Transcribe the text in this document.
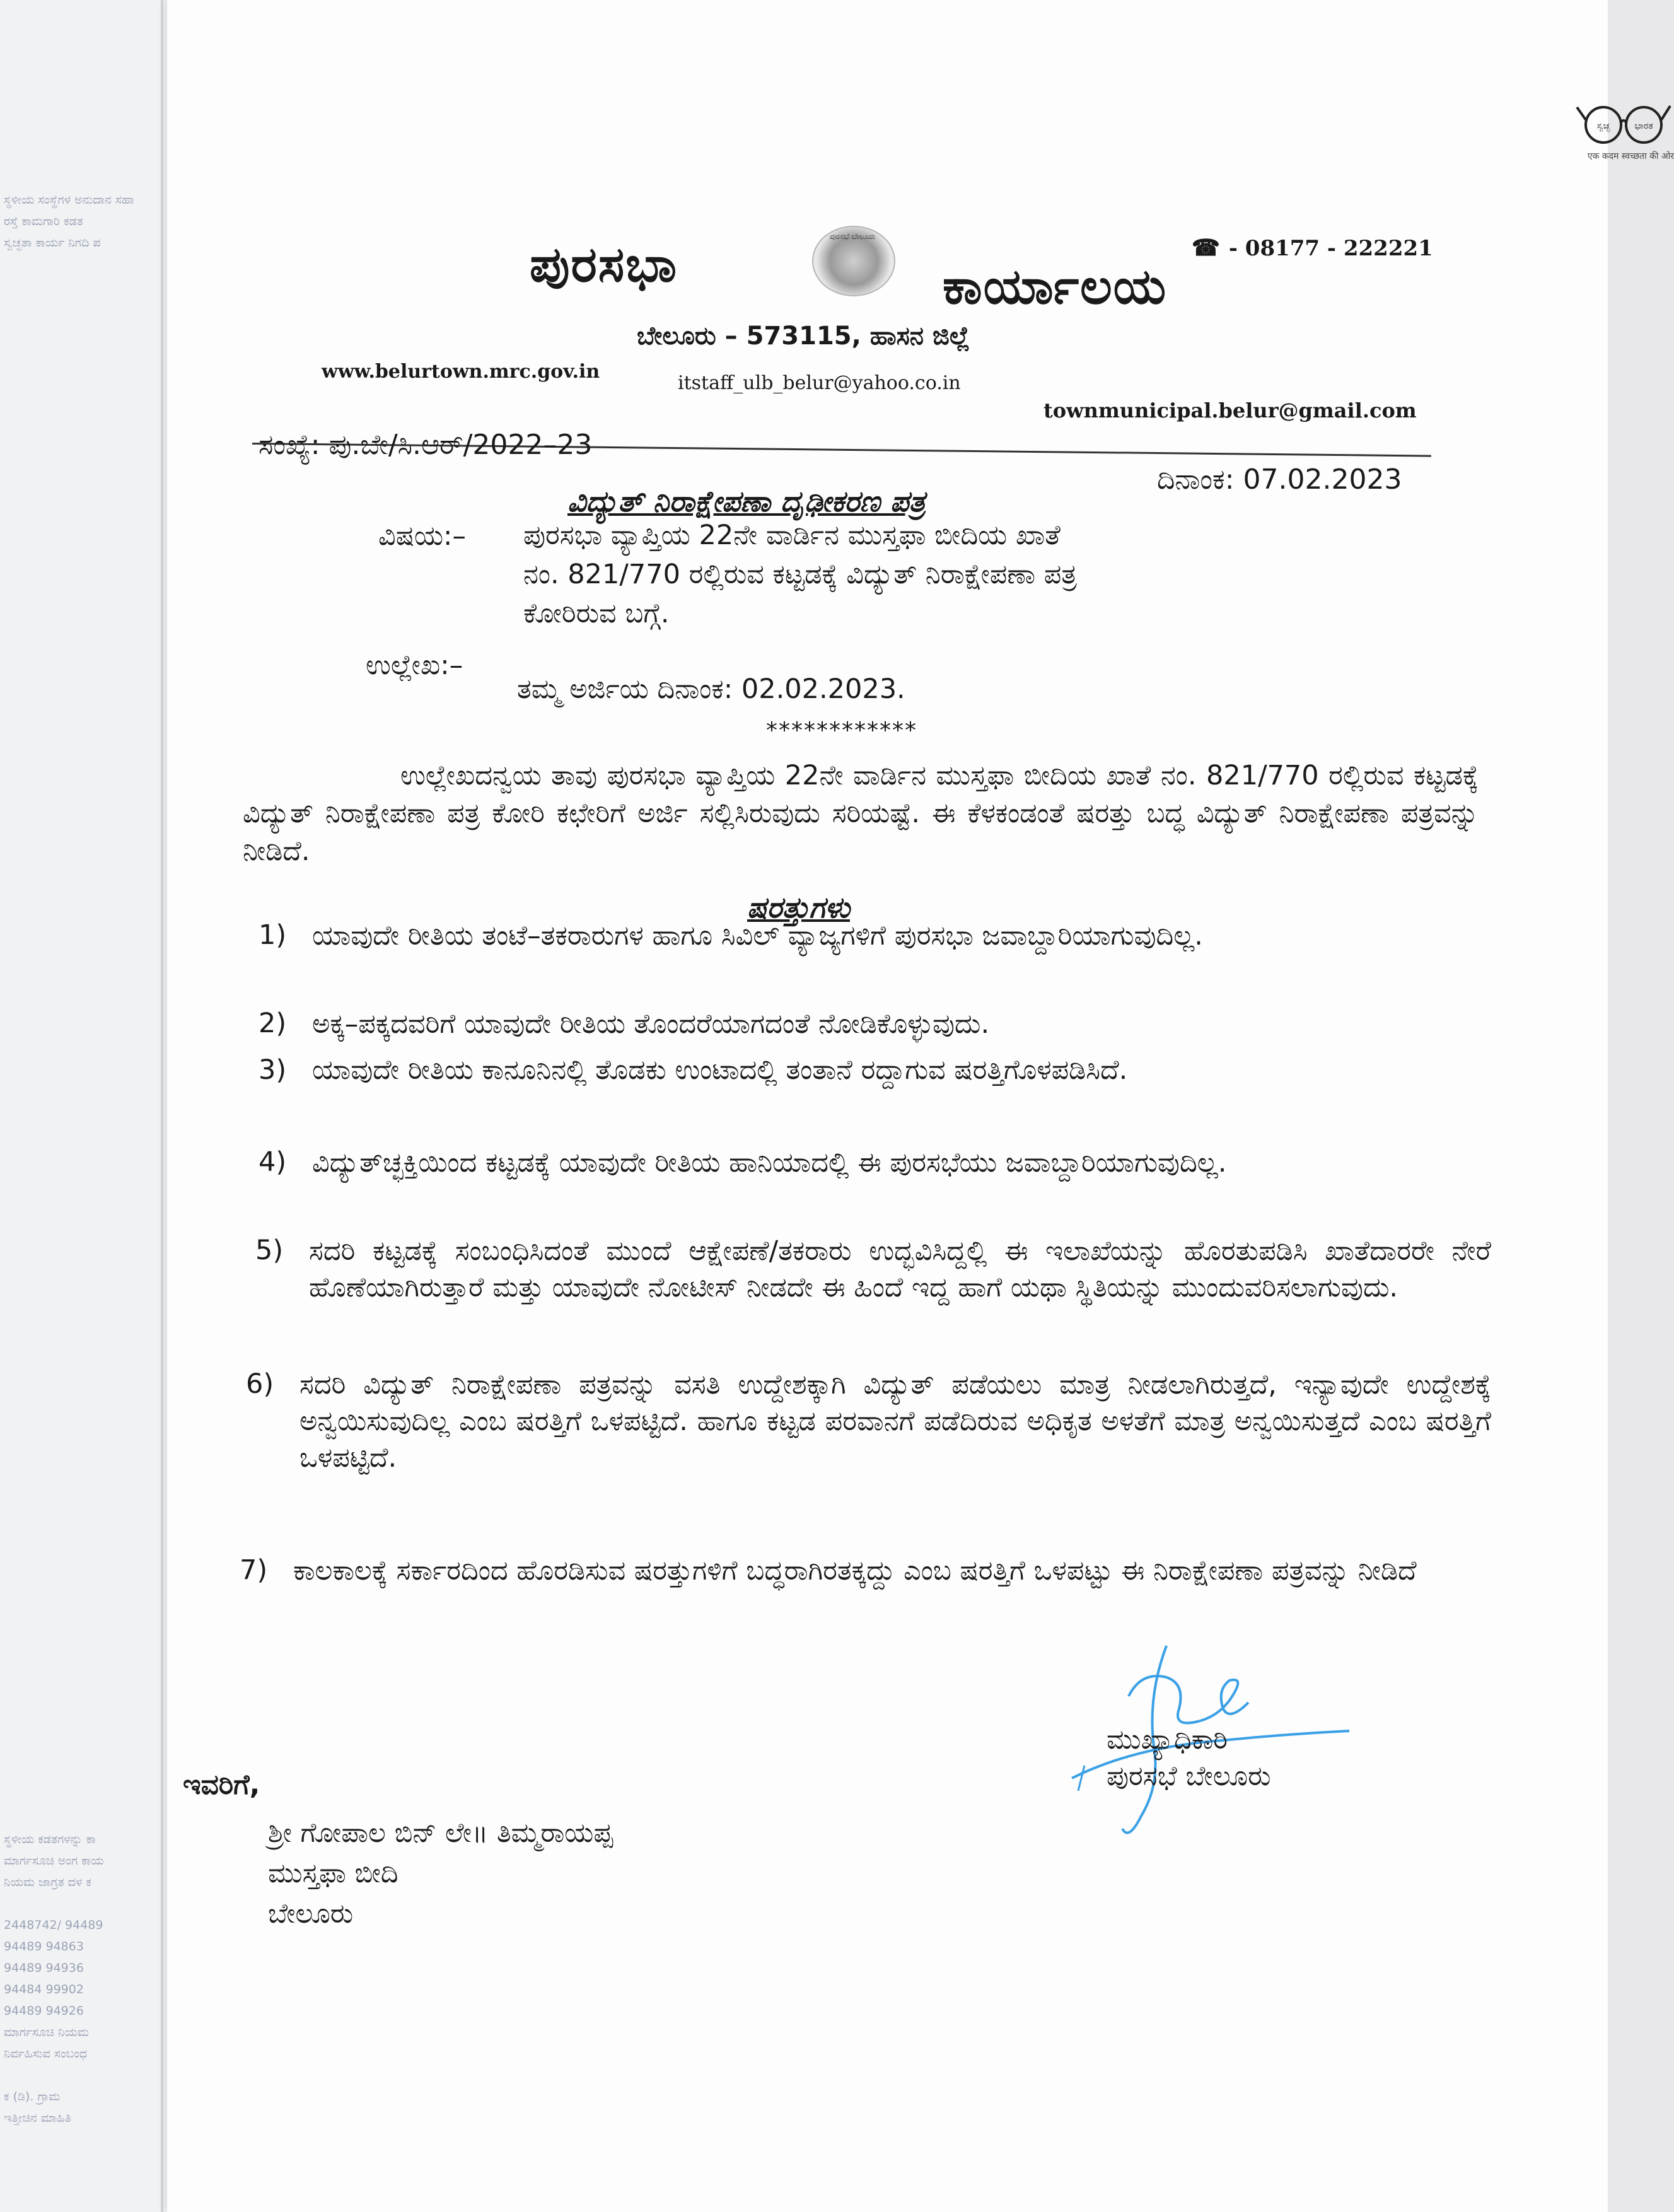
ಸ್ಥಳೀಯ ಸಂಸ್ಥೆಗಳ ಅನುದಾನ ಸಹಾ
ರಸ್ತೆ ಕಾಮಗಾರಿ ಕಡತ
ಸ್ವಚ್ಛತಾ ಕಾರ್ಯ ನಿಗದಿ ಪ
ಸ್ಥಳೀಯ ಕಡತಗಳನ್ನು ಕಾ
ಮಾರ್ಗಸೂಚಿ ಅಂಗ ಕಾಯ
ನಿಯಮ ಜಾಗ್ರತ ದಳ ಕ

2448742/ 94489
94489 94863
94489 94936
94484 99902
94489 94926
ಮಾರ್ಗಸೂಚಿ ನಿಯಮ
ನಿರ್ವಹಿಸುವ ಸಂಬಂಧ

ಕ (ಡಿ). ಗ್ರಾಮ
ಇತ್ತೀಚಿನ ಮಾಹಿತಿ
ಸ್ವಚ್ಛ	ಭಾರತ
एक कदम स्वच्छता की ओर
☎ - 08177 - 222221
ಪುರಸಭಾ	ಪುರಸಭೆ ಬೇಲೂರು
ಕಾರ್ಯಾಲಯ
ಬೇಲೂರು – 573115, ಹಾಸನ ಜಿಲ್ಲೆ
www.belurtown.mrc.gov.in
itstaff_ulb_belur@yahoo.co.in
townmunicipal.belur@gmail.com
ಸಂಖ್ಯೆ: ಪು.ಬೇ/ಸಿ.ಆರ್/2022–23
ದಿನಾಂಕ: 07.02.2023
ವಿದ್ಯುತ್ ನಿರಾಕ್ಷೇಪಣಾ ದೃಢೀಕರಣ ಪತ್ರ
ವಿಷಯ:– ಪುರಸಭಾ ವ್ಯಾಪ್ತಿಯ 22ನೇ ವಾರ್ಡಿನ ಮುಸ್ತಫಾ ಬೀದಿಯ ಖಾತೆ
ನಂ. 821/770 ರಲ್ಲಿರುವ ಕಟ್ಟಡಕ್ಕೆ ವಿದ್ಯುತ್ ನಿರಾಕ್ಷೇಪಣಾ ಪತ್ರ
ಕೋರಿರುವ ಬಗ್ಗೆ.
ಉಲ್ಲೇಖ:–
ತಮ್ಮ ಅರ್ಜಿಯ ದಿನಾಂಕ: 02.02.2023.
************
ಉಲ್ಲೇಖದನ್ವಯ ತಾವು ಪುರಸಭಾ ವ್ಯಾಪ್ತಿಯ 22ನೇ ವಾರ್ಡಿನ ಮುಸ್ತಫಾ ಬೀದಿಯ ಖಾತೆ ನಂ. 821/770 ರಲ್ಲಿರುವ ಕಟ್ಟಡಕ್ಕೆ ವಿದ್ಯುತ್ ನಿರಾಕ್ಷೇಪಣಾ ಪತ್ರ ಕೋರಿ ಕಛೇರಿಗೆ ಅರ್ಜಿ ಸಲ್ಲಿಸಿರುವುದು ಸರಿಯಷ್ಟೆ. ಈ ಕೆಳಕಂಡಂತೆ ಷರತ್ತು ಬದ್ಧ ವಿದ್ಯುತ್ ನಿರಾಕ್ಷೇಪಣಾ ಪತ್ರವನ್ನು ನೀಡಿದೆ.
ಷರತ್ತುಗಳು
1) ಯಾವುದೇ ರೀತಿಯ ತಂಟೆ–ತಕರಾರುಗಳ ಹಾಗೂ ಸಿವಿಲ್ ವ್ಯಾಜ್ಯಗಳಿಗೆ ಪುರಸಭಾ ಜವಾಬ್ದಾರಿಯಾಗುವುದಿಲ್ಲ.
2) ಅಕ್ಕ–ಪಕ್ಕದವರಿಗೆ ಯಾವುದೇ ರೀತಿಯ ತೊಂದರೆಯಾಗದಂತೆ ನೋಡಿಕೊಳ್ಳುವುದು.
3) ಯಾವುದೇ ರೀತಿಯ ಕಾನೂನಿನಲ್ಲಿ ತೊಡಕು ಉಂಟಾದಲ್ಲಿ ತಂತಾನೆ ರದ್ದಾಗುವ ಷರತ್ತಿಗೊಳಪಡಿಸಿದೆ.
4) ವಿದ್ಯುತ್‌ಚ್ಛಕ್ತಿಯಿಂದ ಕಟ್ಟಡಕ್ಕೆ ಯಾವುದೇ ರೀತಿಯ ಹಾನಿಯಾದಲ್ಲಿ ಈ ಪುರಸಭೆಯು ಜವಾಬ್ದಾರಿಯಾಗುವುದಿಲ್ಲ.
5) ಸದರಿ ಕಟ್ಟಡಕ್ಕೆ ಸಂಬಂಧಿಸಿದಂತೆ ಮುಂದೆ ಆಕ್ಷೇಪಣೆ/ತಕರಾರು ಉದ್ಭವಿಸಿದ್ದಲ್ಲಿ ಈ ಇಲಾಖೆಯನ್ನು ಹೊರತುಪಡಿಸಿ ಖಾತೆದಾರರೇ ನೇರೆ ಹೊಣೆಯಾಗಿರುತ್ತಾರೆ ಮತ್ತು ಯಾವುದೇ ನೋಟೀಸ್ ನೀಡದೇ ಈ ಹಿಂದೆ ಇದ್ದ ಹಾಗೆ ಯಥಾ ಸ್ಥಿತಿಯನ್ನು ಮುಂದುವರಿಸಲಾಗುವುದು.
6) ಸದರಿ ವಿದ್ಯುತ್ ನಿರಾಕ್ಷೇಪಣಾ ಪತ್ರವನ್ನು ವಸತಿ ಉದ್ದೇಶಕ್ಕಾಗಿ ವಿದ್ಯುತ್ ಪಡೆಯಲು ಮಾತ್ರ ನೀಡಲಾಗಿರುತ್ತದೆ, ಇನ್ಯಾವುದೇ ಉದ್ದೇಶಕ್ಕೆ ಅನ್ವಯಿಸುವುದಿಲ್ಲ ಎಂಬ ಷರತ್ತಿಗೆ ಒಳಪಟ್ಟಿದೆ. ಹಾಗೂ ಕಟ್ಟಡ ಪರವಾನಗೆ ಪಡೆದಿರುವ ಅಧಿಕೃತ ಅಳತೆಗೆ ಮಾತ್ರ ಅನ್ವಯಿಸುತ್ತದೆ ಎಂಬ ಷರತ್ತಿಗೆ ಒಳಪಟ್ಟಿದೆ.
7) ಕಾಲಕಾಲಕ್ಕೆ ಸರ್ಕಾರದಿಂದ ಹೊರಡಿಸುವ ಷರತ್ತುಗಳಿಗೆ ಬದ್ಧರಾಗಿರತಕ್ಕದ್ದು ಎಂಬ ಷರತ್ತಿಗೆ ಒಳಪಟ್ಟು ಈ ನಿರಾಕ್ಷೇಪಣಾ ಪತ್ರವನ್ನು ನೀಡಿದೆ
ಮುಖ್ಯಾಧಿಕಾರಿ
ಪುರಸಭೆ ಬೇಲೂರು
ಇವರಿಗೆ,
ಶ್ರೀ ಗೋಪಾಲ ಬಿನ್ ಲೇ॥ ತಿಮ್ಮರಾಯಪ್ಪ
ಮುಸ್ತಫಾ ಬೀದಿ
ಬೇಲೂರು
